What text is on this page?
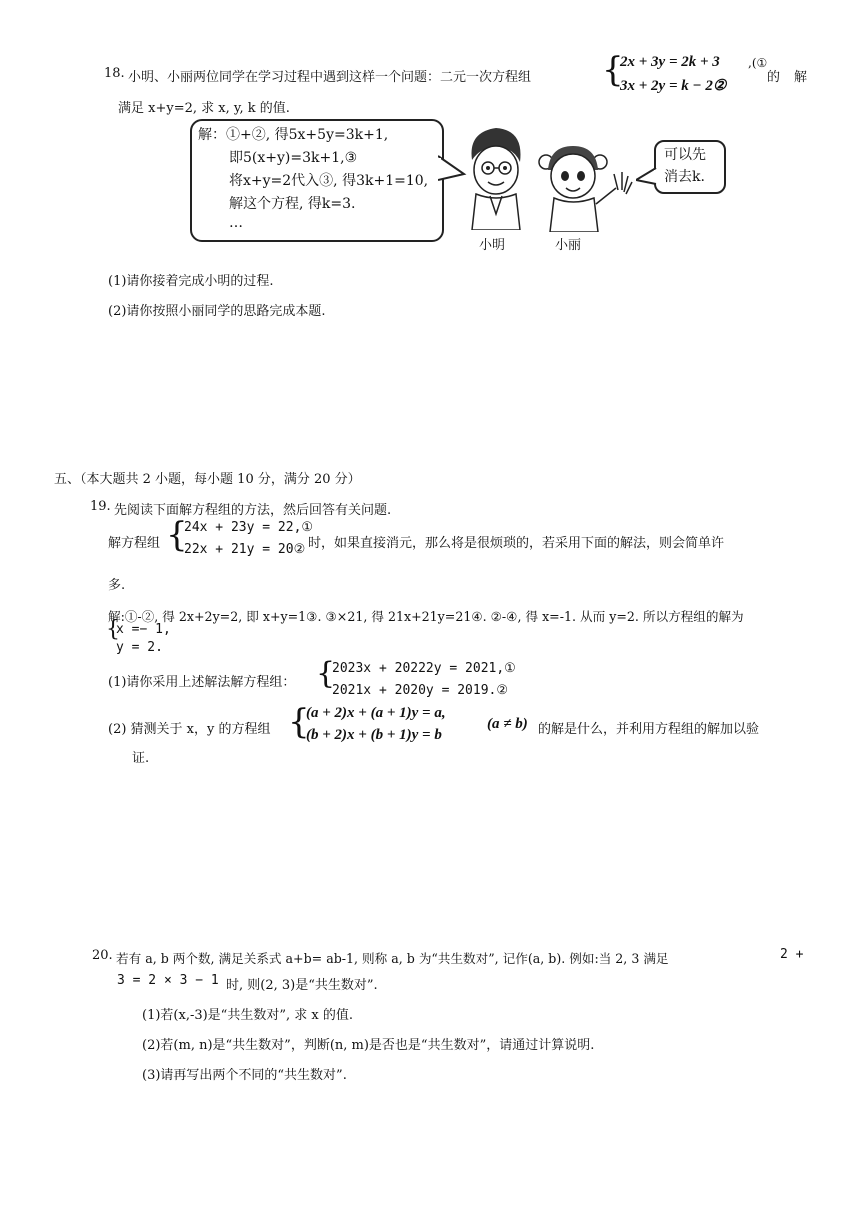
18. 小明、小丽两位同学在学习过程中遇到这样一个问题：二元一次方程组 {
2x + 3y = 2k + 3 ,(①
3x + 2y = k − 2②
的 解
满足 x+y=2, 求 x, y, k 的值.
解：①+②, 得5x+5y=3k+1,
即5(x+y)=3k+1,③
将x+y=2代入③, 得3k+1=10,
解这个方程, 得k=3.
…
可以先
消去k.
小明	小丽
(1)请你接着完成小明的过程.
(2)请你按照小丽同学的思路完成本题.
五、（本大题共 2 小题，每小题 10 分，满分 20 分）
19. 先阅读下面解方程组的方法，然后回答有关问题.
解方程组 {
24x + 23y = 22,①
22x + 21y = 20② 时，如果直接消元，那么将是很烦琐的，若采用下面的解法，则会简单许
多.
解:①-②, 得 2x+2y=2, 即 x+y=1③. ③×21, 得 21x+21y=21④. ②-④, 得 x=-1. 从而 y=2. 所以方程组的解为
{
x =− 1,
y = 2.
(1)请你采用上述解法解方程组： {
2023x + 20222y = 2021,①
2021x + 2020y = 2019.②
(2) 猜测关于 x，y 的方程组 {
(a + 2)x + (a + 1)y = a,
(b + 2)x + (b + 1)y = b
(a ≠ b) 的解是什么，并利用方程组的解加以验
证.
20. 若有 a, b 两个数, 满足关系式 a+b= ab-1, 则称 a, b 为“共生数对”, 记作(a, b). 例如:当 2, 3 满足	2 +
3 = 2 × 3 − 1 时, 则(2, 3)是“共生数对”.
(1)若(x,-3)是“共生数对”, 求 x 的值.
(2)若(m, n)是“共生数对”，判断(n, m)是否也是“共生数对”，请通过计算说明.
(3)请再写出两个不同的“共生数对”.
